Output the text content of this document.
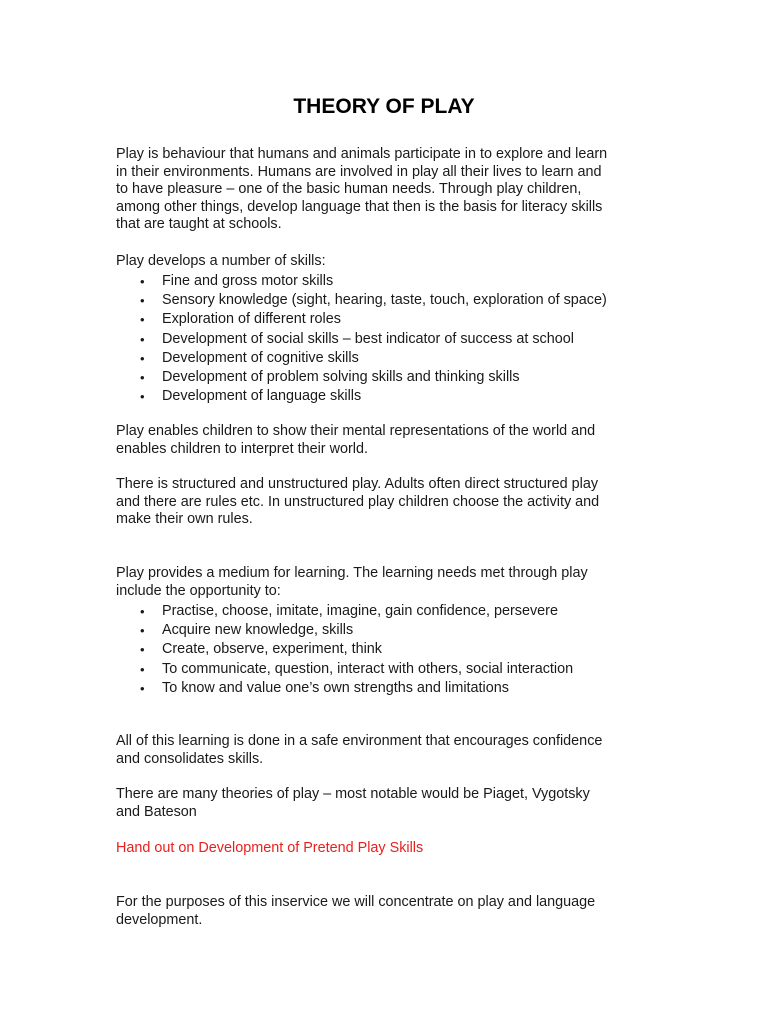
THEORY OF PLAY

Play is behaviour that humans and animals participate in to explore and learn
in their environments. Humans are involved in play all their lives to learn and
to have pleasure – one of the basic human needs. Through play children,
among other things, develop language that then is the basis for literacy skills
that are taught at schools.

Play develops a number of skills:

• Fine and gross motor skills
• Sensory knowledge (sight, hearing, taste, touch, exploration of space)
• Exploration of different roles
• Development of social skills – best indicator of success at school
• Development of cognitive skills
• Development of problem solving skills and thinking skills
• Development of language skills

Play enables children to show their mental representations of the world and
enables children to interpret their world.

There is structured and unstructured play. Adults often direct structured play
and there are rules etc. In unstructured play children choose the activity and
make their own rules.

Play provides a medium for learning. The learning needs met through play
include the opportunity to:

• Practise, choose, imitate, imagine, gain confidence, persevere
• Acquire new knowledge, skills
• Create, observe, experiment, think
• To communicate, question, interact with others, social interaction
• To know and value one’s own strengths and limitations

All of this learning is done in a safe environment that encourages confidence
and consolidates skills.

There are many theories of play – most notable would be Piaget, Vygotsky
and Bateson

Hand out on Development of Pretend Play Skills

For the purposes of this inservice we will concentrate on play and language
development.
